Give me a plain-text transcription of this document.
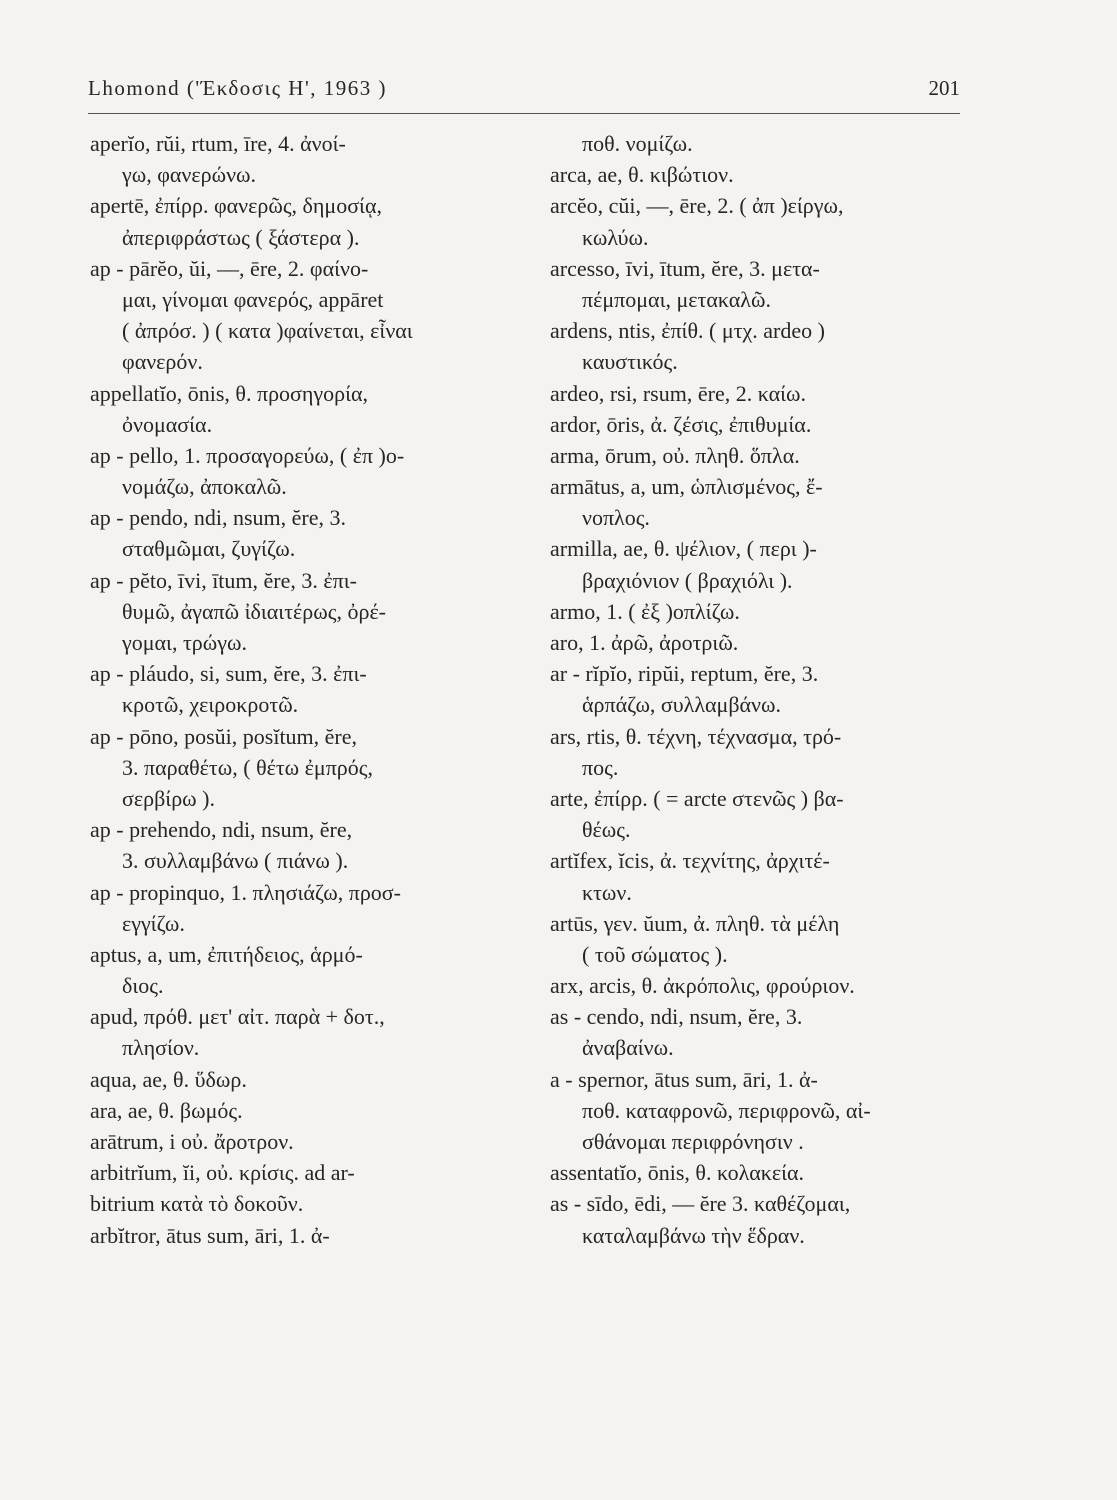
Lhomond ('Έκδοσις Η', 1963 )	201
aperĭo, rŭi, rtum, īre, 4. ἀνοί-
γω, φανερώνω.
apertē, ἐπίρρ. φανερῶς, δημοσίᾳ,
ἀπεριφράστως ( ξάστερα ).
ap - pārĕo, ŭi, —, ēre, 2. φαίνο-
μαι, γίνομαι φανερός, appāret
( ἀπρόσ. ) ( κατα )φαίνεται, εἶναι
φανερόν.
appellatĭo, ōnis, θ. προσηγορία,
ὀνομασία.
ap - pello, 1. προσαγορεύω, ( ἐπ )ο-
νομάζω, ἀποκαλῶ.
ap - pendo, ndi, nsum, ĕre, 3.
σταθμῶμαι, ζυγίζω.
ap - pĕto, īvi, ītum, ĕre, 3. ἐπι-
θυμῶ, ἀγαπῶ ἰδιαιτέρως, ὀρέ-
γομαι, τρώγω.
ap - pláudo, si, sum, ĕre, 3. ἐπι-
κροτῶ, χειροκροτῶ.
ap - pōno, posŭi, posĭtum, ĕre,
3. παραθέτω, ( θέτω ἐμπρός,
σερβίρω ).
ap - prehendo, ndi, nsum, ĕre,
3. συλλαμβάνω ( πιάνω ).
ap - propinquo, 1. πλησιάζω, προσ-
εγγίζω.
aptus, a, um, ἐπιτήδειος, ἁρμό-
διος.
apud, πρόθ. μετ' αἰτ. παρὰ + δοτ.,
πλησίον.
aqua, ae, θ. ὕδωρ.
ara, ae, θ. βωμός.
arātrum, i οὐ. ἄροτρον.
arbitrĭum, ĭi, οὐ. κρίσις. ad ar-
bitrium κατὰ τὸ δοκοῦν.
arbĭtror, ātus sum, āri, 1. ἀ-
ποθ. νομίζω.
arca, ae, θ. κιβώτιον.
arcĕo, cŭi, —, ēre, 2. ( ἀπ )είργω,
κωλύω.
arcesso, īvi, ītum, ĕre, 3. μετα-
πέμπομαι, μετακαλῶ.
ardens, ntis, ἐπίθ. ( μτχ. ardeo )
καυστικός.
ardeo, rsi, rsum, ēre, 2. καίω.
ardor, ōris, ἀ. ζέσις, ἐπιθυμία.
arma, ōrum, οὐ. πληθ. ὅπλα.
armātus, a, um, ὡπλισμένος, ἔ-
νοπλος.
armilla, ae, θ. ψέλιον, ( περι )-
βραχιόνιον ( βραχιόλι ).
armo, 1. ( ἐξ )οπλίζω.
aro, 1. ἀρῶ, ἀροτριῶ.
ar - rĭpĭo, ripŭi, reptum, ĕre, 3.
ἁρπάζω, συλλαμβάνω.
ars, rtis, θ. τέχνη, τέχνασμα, τρό-
πος.
arte, ἐπίρρ. ( = arcte στενῶς ) βα-
θέως.
artĭfex, ĭcis, ἀ. τεχνίτης, ἀρχιτέ-
κτων.
artūs, γεν. ŭum, ἀ. πληθ. τὰ μέλη
( τοῦ σώματος ).
arx, arcis, θ. ἀκρόπολις, φρούριον.
as - cendo, ndi, nsum, ĕre, 3.
ἀναβαίνω.
a - spernor, ātus sum, āri, 1. ἀ-
ποθ. καταφρονῶ, περιφρονῶ, αἰ-
σθάνομαι περιφρόνησιν .
assentatĭo, ōnis, θ. κολακεία.
as - sīdo, ēdi, — ĕre 3. καθέζομαι,
καταλαμβάνω τὴν ἕδραν.
